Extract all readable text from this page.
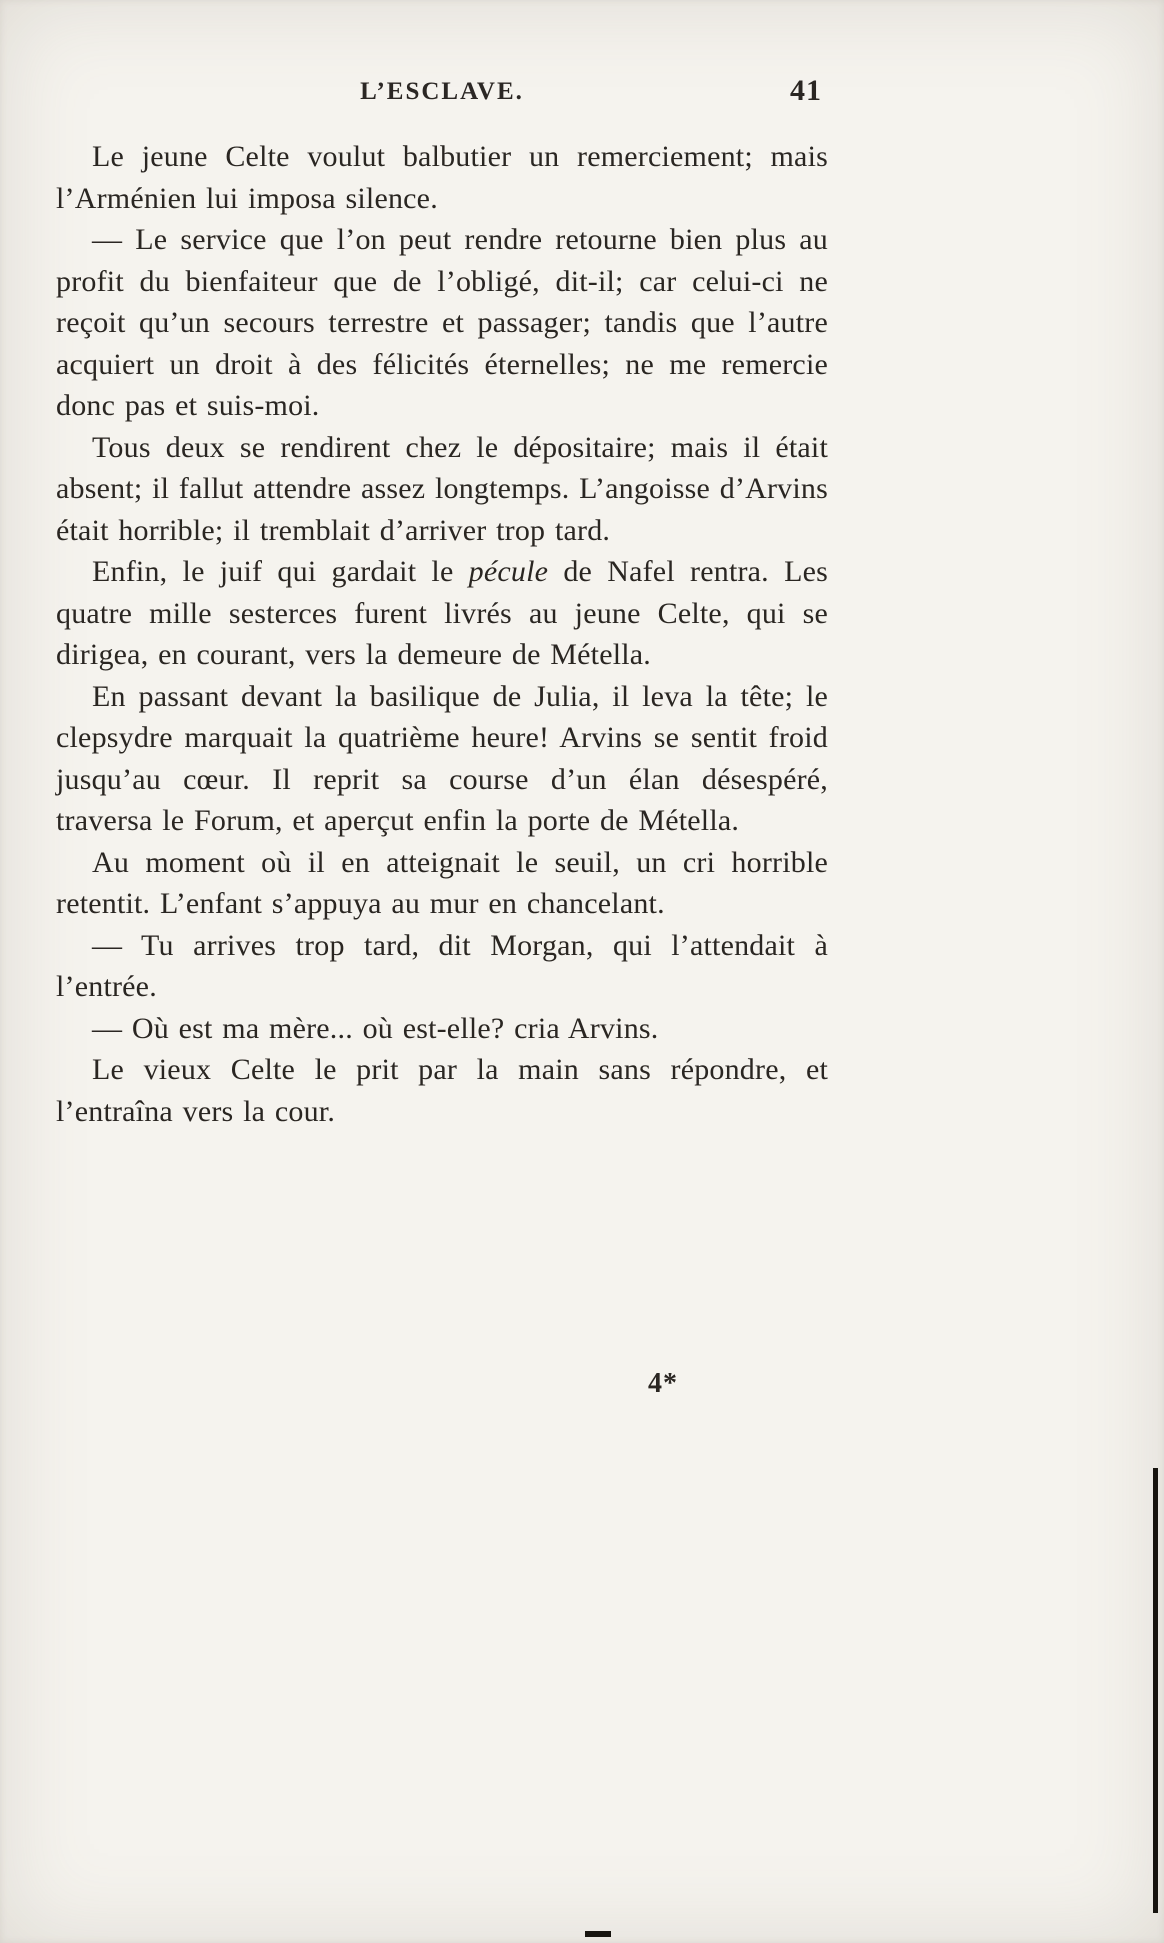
L’ESCLAVE.	41

Le jeune Celte voulut balbutier un remerciement; mais l’Arménien lui imposa silence.

— Le service que l’on peut rendre retourne bien plus au profit du bienfaiteur que de l’obligé, dit-il; car celui-ci ne reçoit qu’un secours terrestre et passager; tandis que l’autre acquiert un droit à des félicités éternelles; ne me remercie donc pas et suis-moi.

Tous deux se rendirent chez le dépositaire; mais il était absent; il fallut attendre assez longtemps. L’angoisse d’Arvins était horrible; il tremblait d’arriver trop tard.

Enfin, le juif qui gardait le pécule de Nafel rentra. Les quatre mille sesterces furent livrés au jeune Celte, qui se dirigea, en courant, vers la demeure de Métella.

En passant devant la basilique de Julia, il leva la tête; le clepsydre marquait la quatrième heure! Arvins se sentit froid jusqu’au cœur. Il reprit sa course d’un élan désespéré, traversa le Forum, et aperçut enfin la porte de Métella.

Au moment où il en atteignait le seuil, un cri horrible retentit. L’enfant s’appuya au mur en chancelant.

— Tu arrives trop tard, dit Morgan, qui l’attendait à l’entrée.

— Où est ma mère... où est-elle? cria Arvins.

Le vieux Celte le prit par la main sans répondre, et l’entraîna vers la cour.

4*
